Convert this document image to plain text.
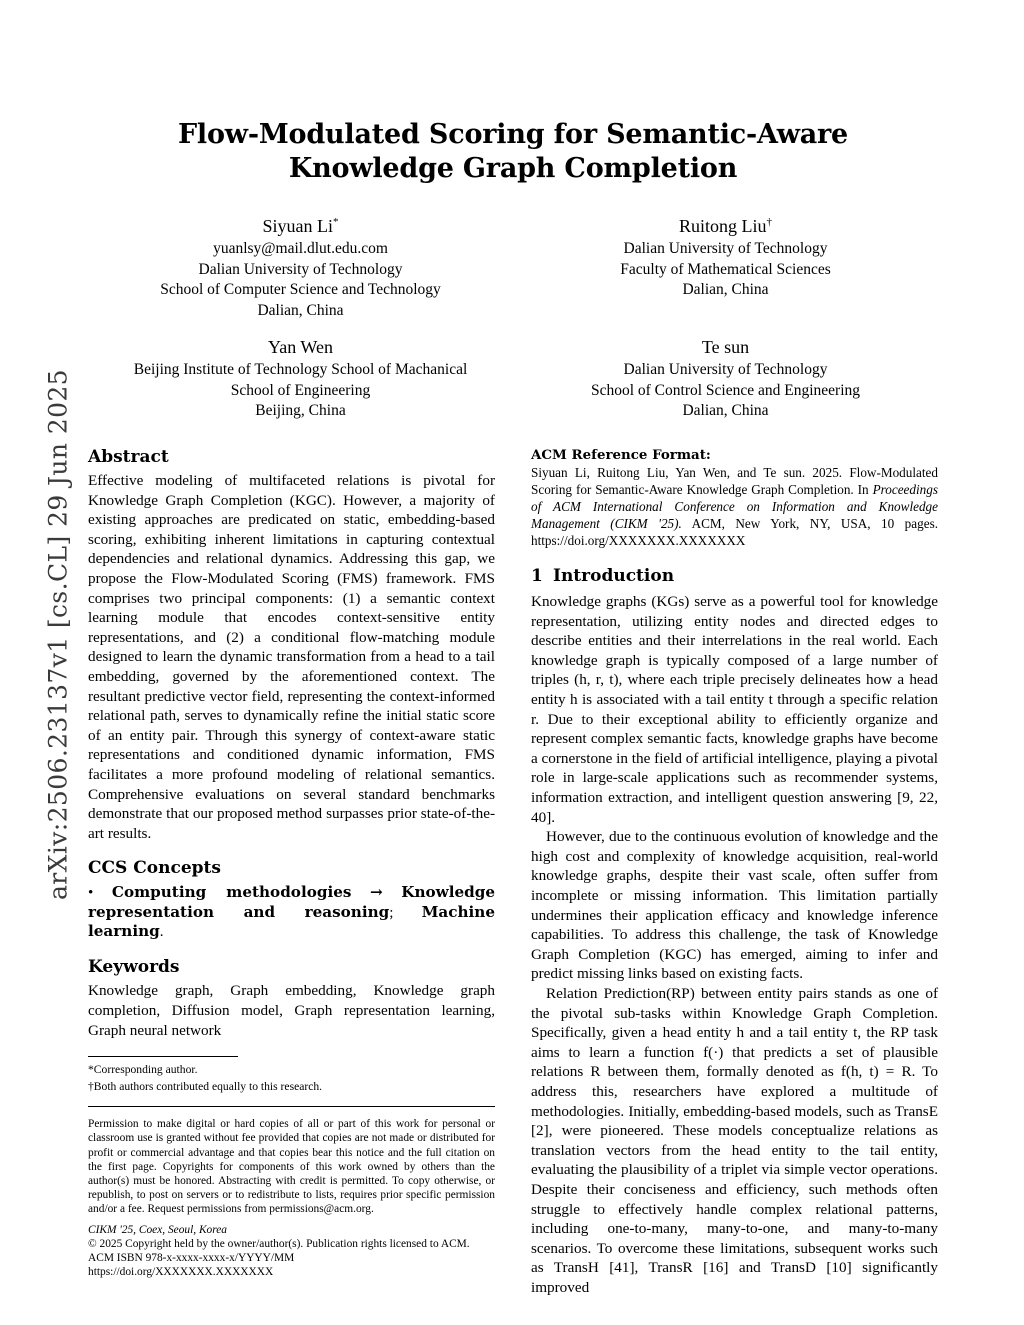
arXiv:2506.23137v1 [cs.CL] 29 Jun 2025
Flow-Modulated Scoring for Semantic-Aware Knowledge Graph Completion
Siyuan Li*
yuanlsy@mail.dlut.edu.com
Dalian University of Technology
School of Computer Science and Technology
Dalian, China
Ruitong Liu†
Dalian University of Technology
Faculty of Mathematical Sciences
Dalian, China
Yan Wen
Beijing Institute of Technology School of Machanical
School of Engineering
Beijing, China
Te sun
Dalian University of Technology
School of Control Science and Engineering
Dalian, China
Abstract

Effective modeling of multifaceted relations is pivotal for Knowledge Graph Completion (KGC). However, a majority of existing approaches are predicated on static, embedding-based scoring, exhibiting inherent limitations in capturing contextual dependencies and relational dynamics. Addressing this gap, we propose the Flow-Modulated Scoring (FMS) framework. FMS comprises two principal components: (1) a semantic context learning module that encodes context-sensitive entity representations, and (2) a conditional flow-matching module designed to learn the dynamic transformation from a head to a tail embedding, governed by the aforementioned context. The resultant predictive vector field, representing the context-informed relational path, serves to dynamically refine the initial static score of an entity pair. Through this synergy of context-aware static representations and conditioned dynamic information, FMS facilitates a more profound modeling of relational semantics. Comprehensive evaluations on several standard benchmarks demonstrate that our proposed method surpasses prior state-of-the-art results.

CCS Concepts

• Computing methodologies → Knowledge representation and reasoning; Machine learning.

Keywords

Knowledge graph, Graph embedding, Knowledge graph completion, Diffusion model, Graph representation learning, Graph neural network

*Corresponding author.

†Both authors contributed equally to this research.

Permission to make digital or hard copies of all or part of this work for personal or classroom use is granted without fee provided that copies are not made or distributed for profit or commercial advantage and that copies bear this notice and the full citation on the first page. Copyrights for components of this work owned by others than the author(s) must be honored. Abstracting with credit is permitted. To copy otherwise, or republish, to post on servers or to redistribute to lists, requires prior specific permission and/or a fee. Request permissions from permissions@acm.org.

CIKM '25, Coex, Seoul, Korea

© 2025 Copyright held by the owner/author(s). Publication rights licensed to ACM.

ACM ISBN 978-x-xxxx-xxxx-x/YYYY/MM

https://doi.org/XXXXXXX.XXXXXXX

ACM Reference Format:
Siyuan Li, Ruitong Liu, Yan Wen, and Te sun. 2025. Flow-Modulated Scoring for Semantic-Aware Knowledge Graph Completion. In Proceedings of ACM International Conference on Information and Knowledge Management (CIKM '25). ACM, New York, NY, USA, 10 pages. https://doi.org/XXXXXXX.XXXXXXX

1 Introduction

Knowledge graphs (KGs) serve as a powerful tool for knowledge representation, utilizing entity nodes and directed edges to describe entities and their interrelations in the real world. Each knowledge graph is typically composed of a large number of triples (h, r, t), where each triple precisely delineates how a head entity h is associated with a tail entity t through a specific relation r. Due to their exceptional ability to efficiently organize and represent complex semantic facts, knowledge graphs have become a cornerstone in the field of artificial intelligence, playing a pivotal role in large-scale applications such as recommender systems, information extraction, and intelligent question answering [9, 22, 40].

However, due to the continuous evolution of knowledge and the high cost and complexity of knowledge acquisition, real-world knowledge graphs, despite their vast scale, often suffer from incomplete or missing information. This limitation partially undermines their application efficacy and knowledge inference capabilities. To address this challenge, the task of Knowledge Graph Completion (KGC) has emerged, aiming to infer and predict missing links based on existing facts.

Relation Prediction(RP) between entity pairs stands as one of the pivotal sub-tasks within Knowledge Graph Completion. Specifically, given a head entity h and a tail entity t, the RP task aims to learn a function f(·) that predicts a set of plausible relations R between them, formally denoted as f(h, t) = R. To address this, researchers have explored a multitude of methodologies. Initially, embedding-based models, such as TransE [2], were pioneered. These models conceptualize relations as translation vectors from the head entity to the tail entity, evaluating the plausibility of a triplet via simple vector operations. Despite their conciseness and efficiency, such methods often struggle to effectively handle complex relational patterns, including one-to-many, many-to-one, and many-to-many scenarios. To overcome these limitations, subsequent works such as TransH [41], TransR [16] and TransD [10] significantly improved
